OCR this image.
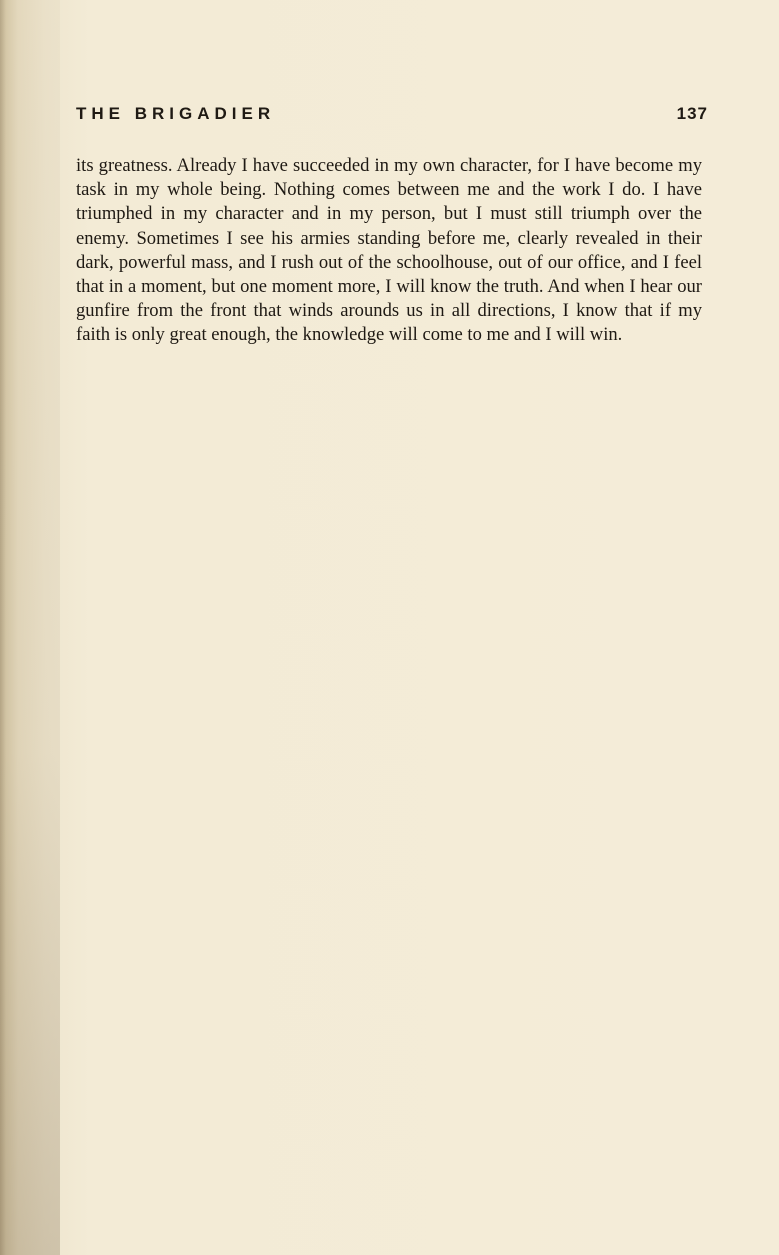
THE BRIGADIER	137

its greatness. Already I have succeeded in my own character, for I have become my task in my whole being. Nothing comes between me and the work I do. I have triumphed in my character and in my person, but I must still triumph over the enemy. Sometimes I see his armies standing before me, clearly revealed in their dark, powerful mass, and I rush out of the schoolhouse, out of our office, and I feel that in a moment, but one moment more, I will know the truth. And when I hear our gunfire from the front that winds arounds us in all directions, I know that if my faith is only great enough, the knowledge will come to me and I will win.
